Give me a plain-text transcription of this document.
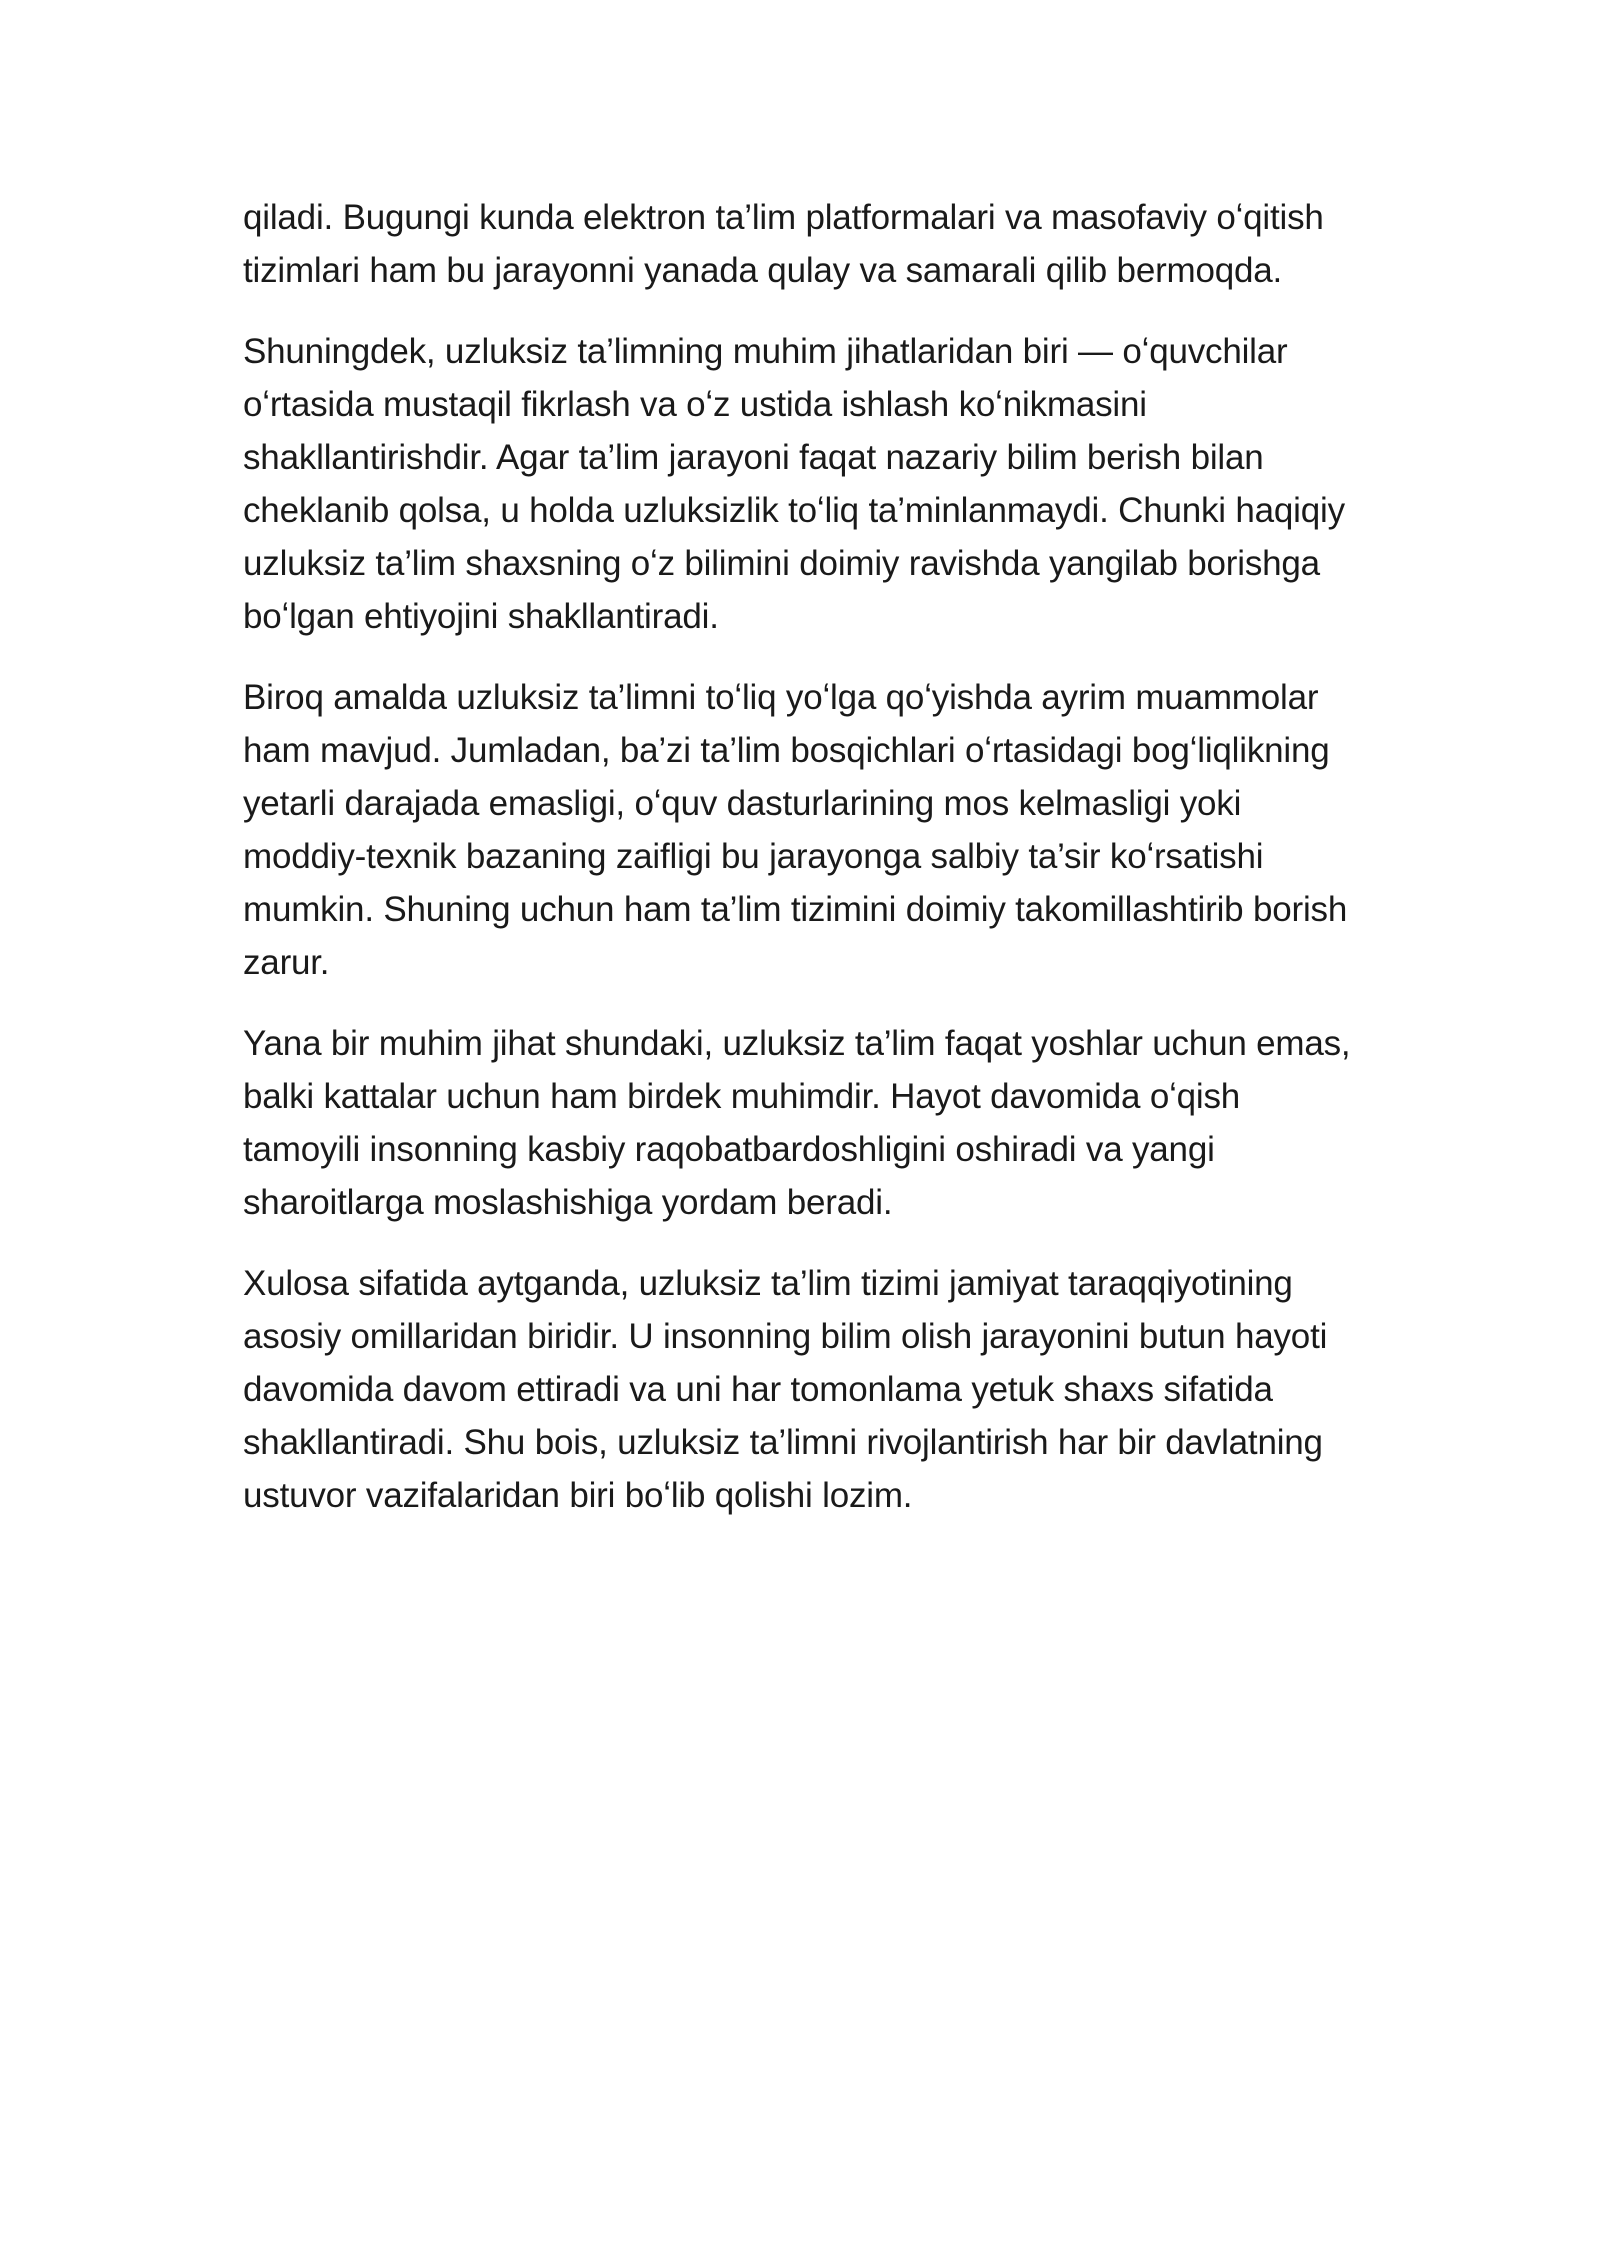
qiladi. Bugungi kunda elektron ta’lim platformalari va masofaviy oʻqitish tizimlari ham bu jarayonni yanada qulay va samarali qilib bermoqda.

Shuningdek, uzluksiz ta’limning muhim jihatlaridan biri — oʻquvchilar oʻrtasida mustaqil fikrlash va oʻz ustida ishlash koʻnikmasini shakllantirishdir. Agar ta’lim jarayoni faqat nazariy bilim berish bilan cheklanib qolsa, u holda uzluksizlik toʻliq ta’minlanmaydi. Chunki haqiqiy uzluksiz ta’lim shaxsning oʻz bilimini doimiy ravishda yangilab borishga boʻlgan ehtiyojini shakllantiradi.

Biroq amalda uzluksiz ta’limni toʻliq yoʻlga qoʻyishda ayrim muammolar ham mavjud. Jumladan, ba’zi ta’lim bosqichlari oʻrtasidagi bogʻliqlikning yetarli darajada emasligi, oʻquv dasturlarining mos kelmasligi yoki moddiy-texnik bazaning zaifligi bu jarayonga salbiy ta’sir koʻrsatishi mumkin. Shuning uchun ham ta’lim tizimini doimiy takomillashtirib borish zarur.

Yana bir muhim jihat shundaki, uzluksiz ta’lim faqat yoshlar uchun emas, balki kattalar uchun ham birdek muhimdir. Hayot davomida oʻqish tamoyili insonning kasbiy raqobatbardoshligini oshiradi va yangi sharoitlarga moslashishiga yordam beradi.

Xulosa sifatida aytganda, uzluksiz ta’lim tizimi jamiyat taraqqiyotining asosiy omillaridan biridir. U insonning bilim olish jarayonini butun hayoti davomida davom ettiradi va uni har tomonlama yetuk shaxs sifatida shakllantiradi. Shu bois, uzluksiz ta’limni rivojlantirish har bir davlatning ustuvor vazifalaridan biri boʻlib qolishi lozim.
